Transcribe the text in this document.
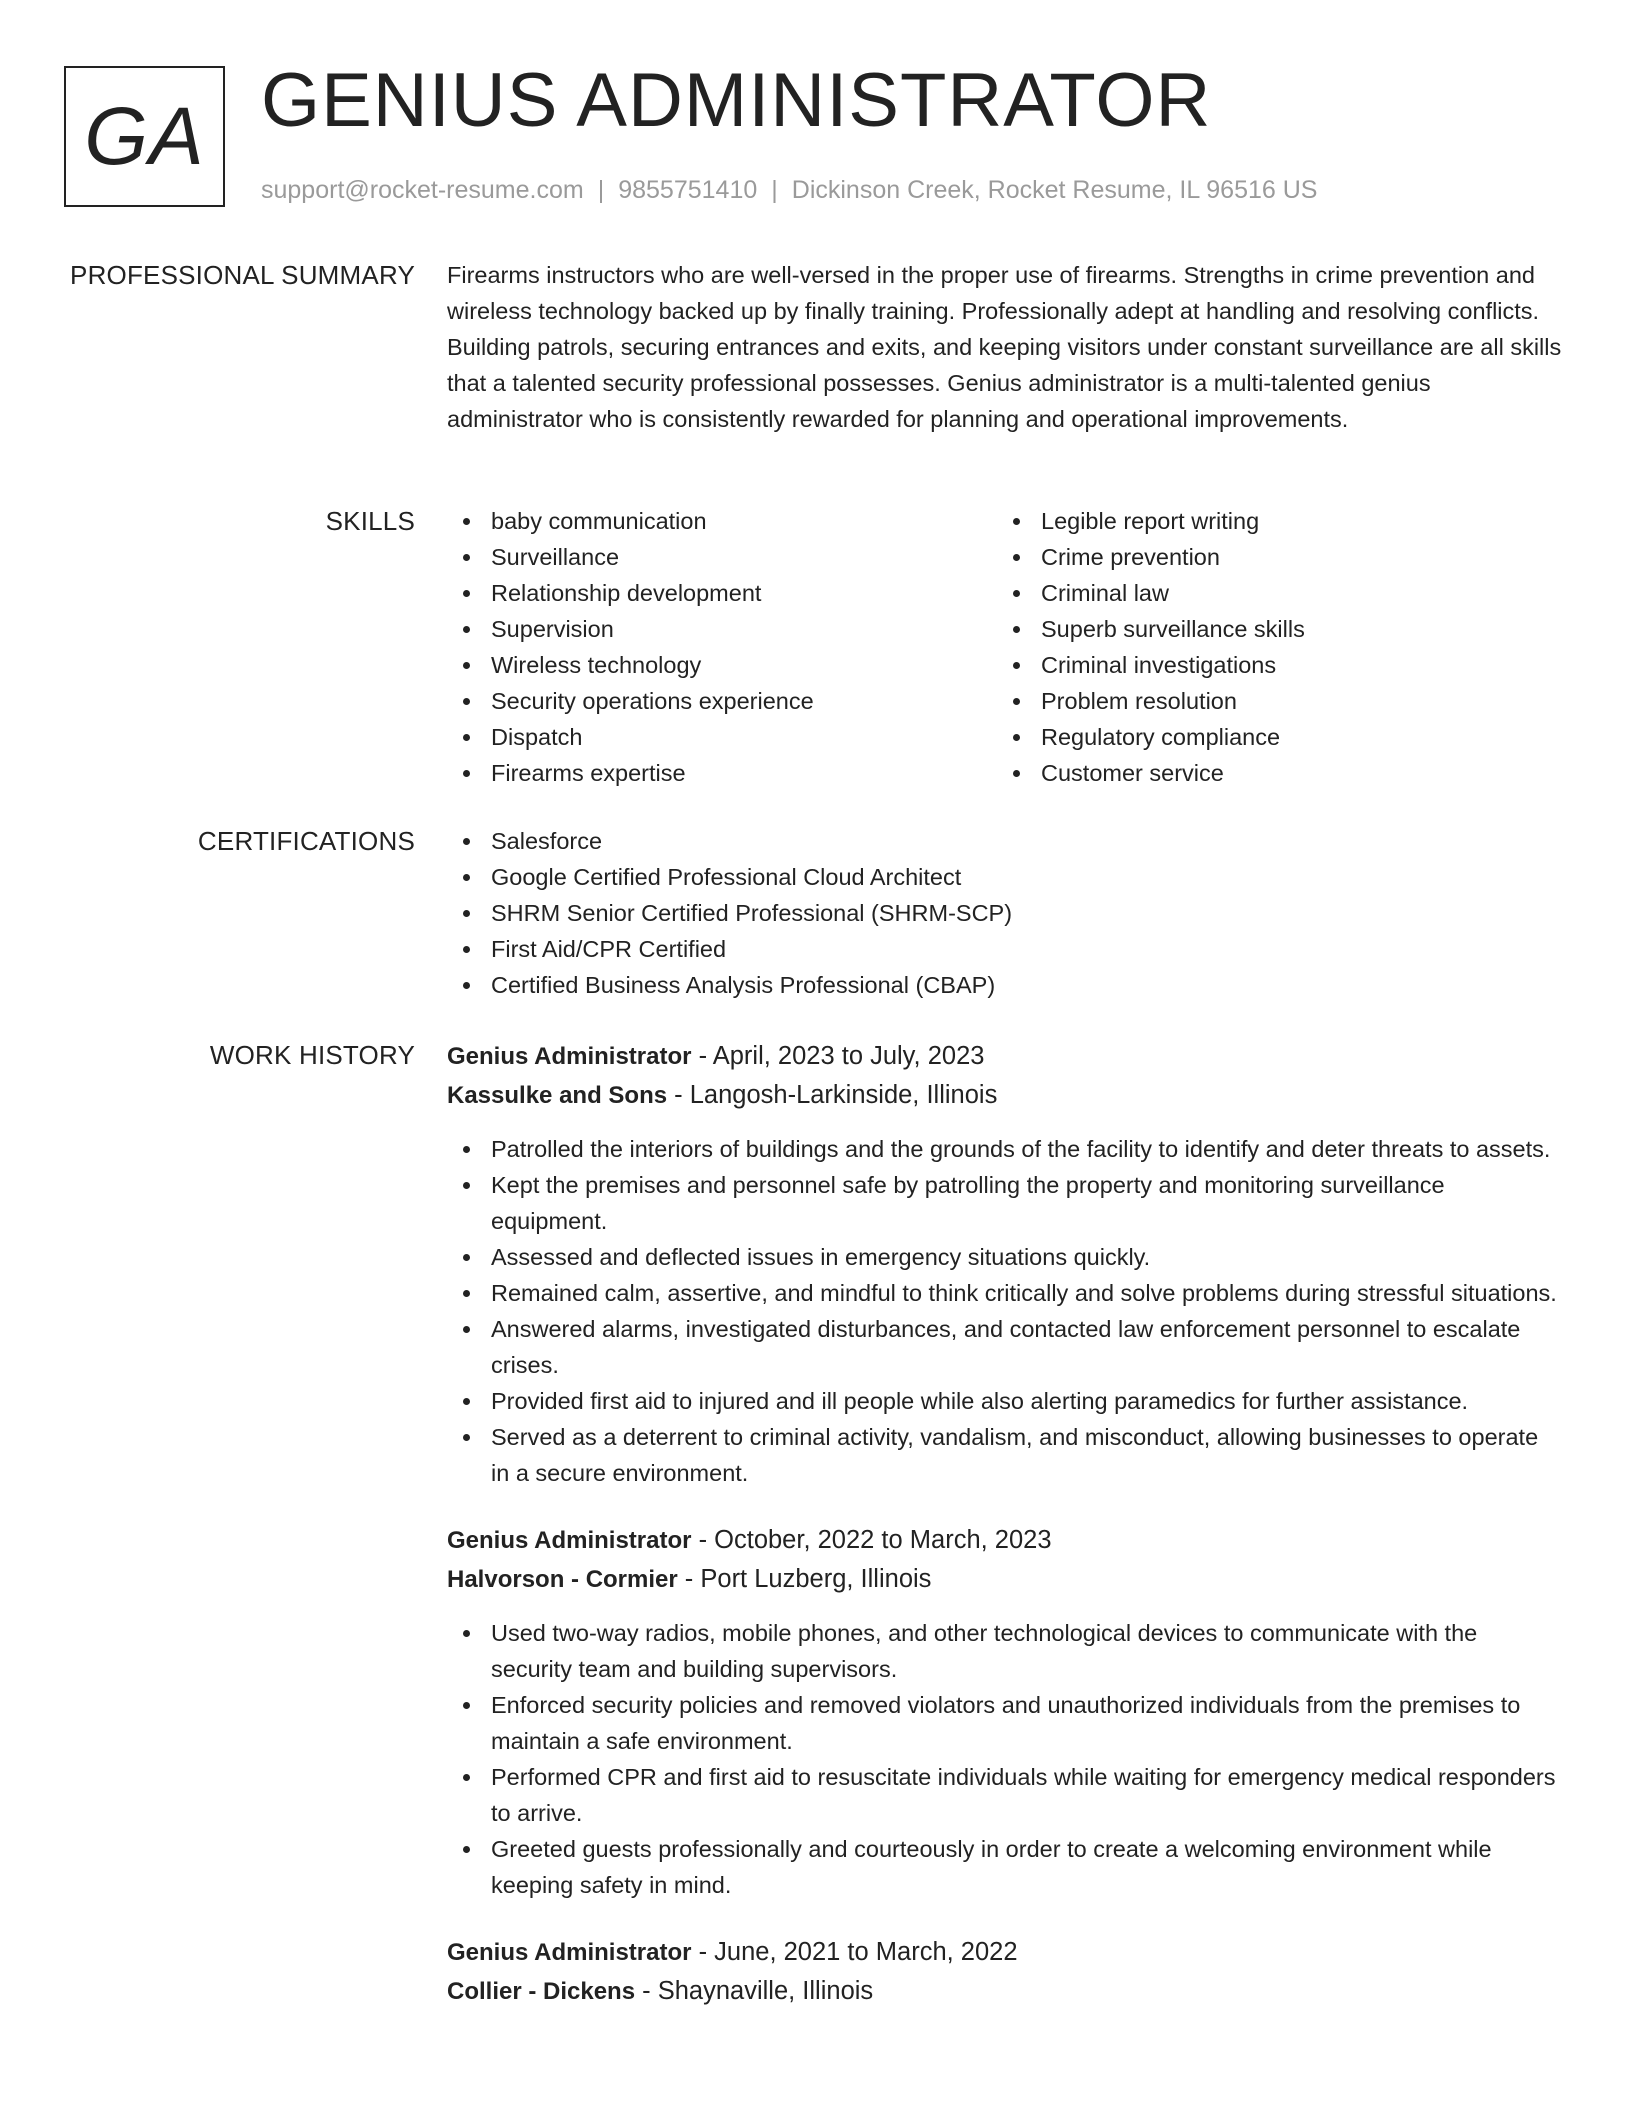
GA GENIUS ADMINISTRATOR
support@rocket-resume.com | 9855751410 | Dickinson Creek, Rocket Resume, IL 96516 US
PROFESSIONAL SUMMARY Firearms instructors who are well-versed in the proper use of firearms. Strengths in crime prevention and wireless technology backed up by finally training. Professionally adept at handling and resolving conflicts. Building patrols, securing entrances and exits, and keeping visitors under constant surveillance are all skills that a talented security professional possesses. Genius administrator is a multi-talented genius administrator who is consistently rewarded for planning and operational improvements.

SKILLS	baby communication
Surveillance
Relationship development
Supervision
Wireless technology
Security operations experience
Dispatch
Firearms expertise
Legible report writing
Crime prevention
Criminal law
Superb surveillance skills
Criminal investigations
Problem resolution
Regulatory compliance
Customer service
CERTIFICATIONS	Salesforce
Google Certified Professional Cloud Architect
SHRM Senior Certified Professional (SHRM-SCP)
First Aid/CPR Certified
Certified Business Analysis Professional (CBAP)
WORK HISTORY Genius Administrator - April, 2023 to July, 2023
Kassulke and Sons - Langosh-Larkinside, Illinois
Patrolled the interiors of buildings and the grounds of the facility to identify and deter threats to assets.
Kept the premises and personnel safe by patrolling the property and monitoring surveillance equipment.
Assessed and deflected issues in emergency situations quickly.
Remained calm, assertive, and mindful to think critically and solve problems during stressful situations.
Answered alarms, investigated disturbances, and contacted law enforcement personnel to escalate crises.
Provided first aid to injured and ill people while also alerting paramedics for further assistance.
Served as a deterrent to criminal activity, vandalism, and misconduct, allowing businesses to operate in a secure environment.
Genius Administrator - October, 2022 to March, 2023
Halvorson - Cormier - Port Luzberg, Illinois
Used two-way radios, mobile phones, and other technological devices to communicate with the security team and building supervisors.
Enforced security policies and removed violators and unauthorized individuals from the premises to maintain a safe environment.
Performed CPR and first aid to resuscitate individuals while waiting for emergency medical responders to arrive.
Greeted guests professionally and courteously in order to create a welcoming environment while keeping safety in mind.
Genius Administrator - June, 2021 to March, 2022
Collier - Dickens - Shaynaville, Illinois
